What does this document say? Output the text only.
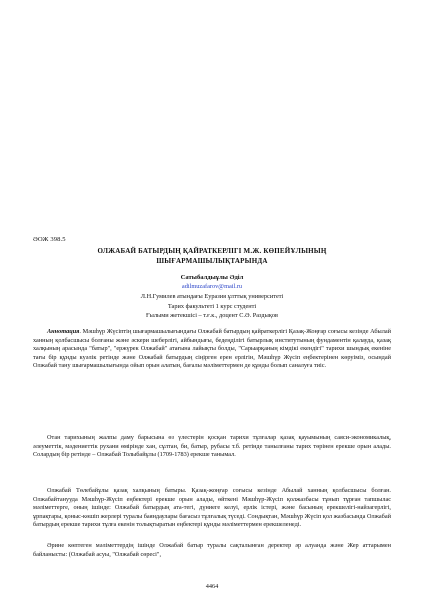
ӘОЖ 398.5
ОЛЖАБАЙ БАТЫРДЫҢ ҚАЙРАТКЕРЛІГІ М.Ж. КӨПЕЙҰЛЫНЫҢ
ШЫҒАРМАШЫЛЫҚТАРЫНДА
Сатыбалдыұлы Әділ
adilmuzafarov@mail.ru
Л.Н.Гумилев атындағы Еуразия ұлттық университеті
Тарих факультеті 1 курс студенті
Ғылыми жетекшісі – т.ғ.к., доцент С.Ә. Раздықов
Аннотация. Мәшһүр Жүсіптің шығармашылығындағы Олжабай батырдың қайраткерлігі Қазақ-Жоңғар соғысы кезінде Абылай ханның қолбасшысы болғаны және әскери шеберлігі, айбындығы, бедеңділігі батырлық институтының фундаментін қалауда, қазақ халқының арасында "батыр", "ержүрек Олжабай" атағына лайықты болды, "Сарыарқаның кімдікі екендігі" тарихи шындық екеніне тағы бір құнды куәлік ретінде және Олжабай батырдың сіңірген ерен ерлігін, Мәшһүр Жүсіп еңбектерінен көруіміз, осындай Олжабай тану шығармашылығында ойып орын алатын, бағалы мәліметтермен де құнды болып саналуға тиіс.
Отан тарихының жалпы даму барысына өз үлестерін қосқан тарихи тұлғалар қазақ қауымының саяси-экономикалық, әлеуметтік, мәдениеттік рухани өмірінде хан, сұлтан, би, батыр, рубасы т.б. ретінде танылғаны тарих төрінен ерекше орын алады. Солардың бір ретінде – Олжабай Толыбайұлы (1709-1783) ерекше танымал.
Олжабай Төлебайұлы қазақ халқының батыры. Қазақ-жоңғар соғысы кезінде Абылай ханның қолбасшысы болған. Олжабайтанууда Мәшһүр-Жүсіп еңбектері ерекше орын алады, өйткені Мәшһүр-Жүсіп қолжазбасы тұнып тұрған тапшылас мәліметтерге, оның ішінде: Олжабай батырдың ата-тегі, дүниеге келуі, ерлік істері, және басының ерекшелігі-найзагерлігі, ұрпақтары, қоныс-көшіп жерлері туралы баяндаулары бағасыз тұлғалық түседі. Сондықтан, Мәшһүр Жүсіп қол жазбасында Олжабай батырдың ерекше тарихи тұлға екенін толықтыратын еңбектері құнды мәліметтермен ерекшеленеді.
Әрине көптеген мәліметтердің ішінде Олжабай батыр туралы сақталынған деректер әр алуанда және Жер аттарымен байланысты: (Олжабай асуы, "Олжабай сөресі",
4464
